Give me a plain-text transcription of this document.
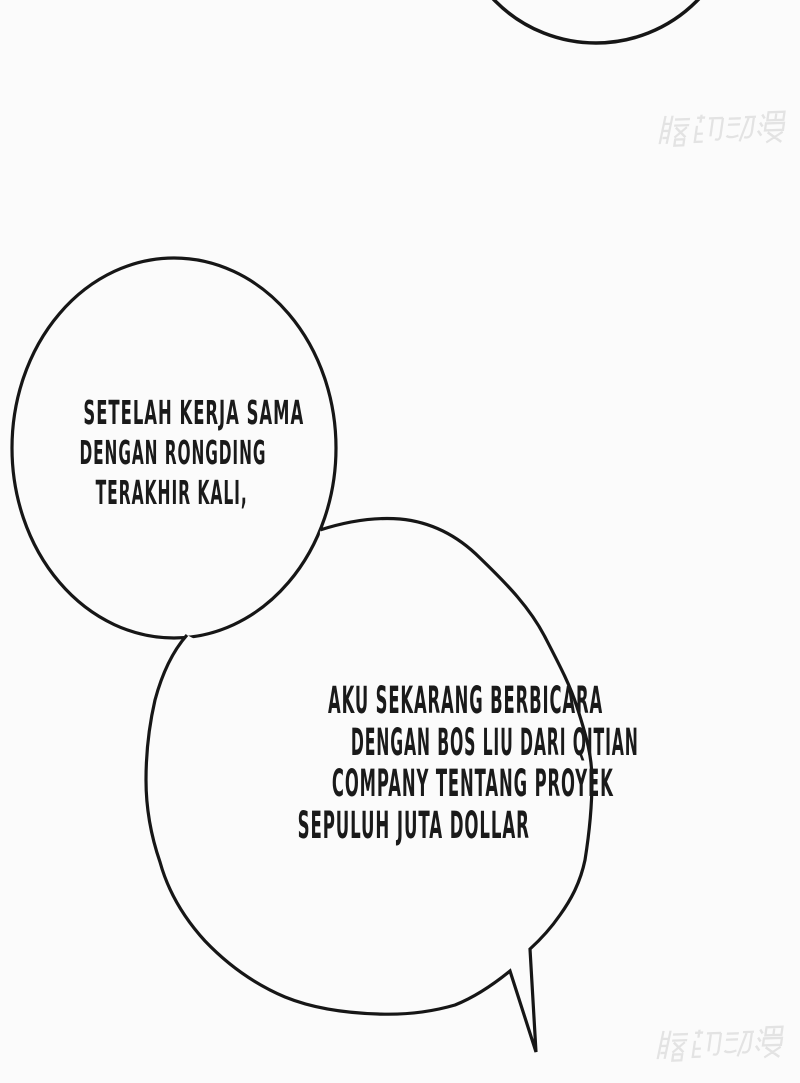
SETELAH KERJA SAMA
DENGAN RONGDING
TERAKHIR KALI,
AKU SEKARANG BERBICARA
DENGAN BOS LIU DARI QITIAN
COMPANY TENTANG PROYEK
SEPULUH JUTA DOLLAR
